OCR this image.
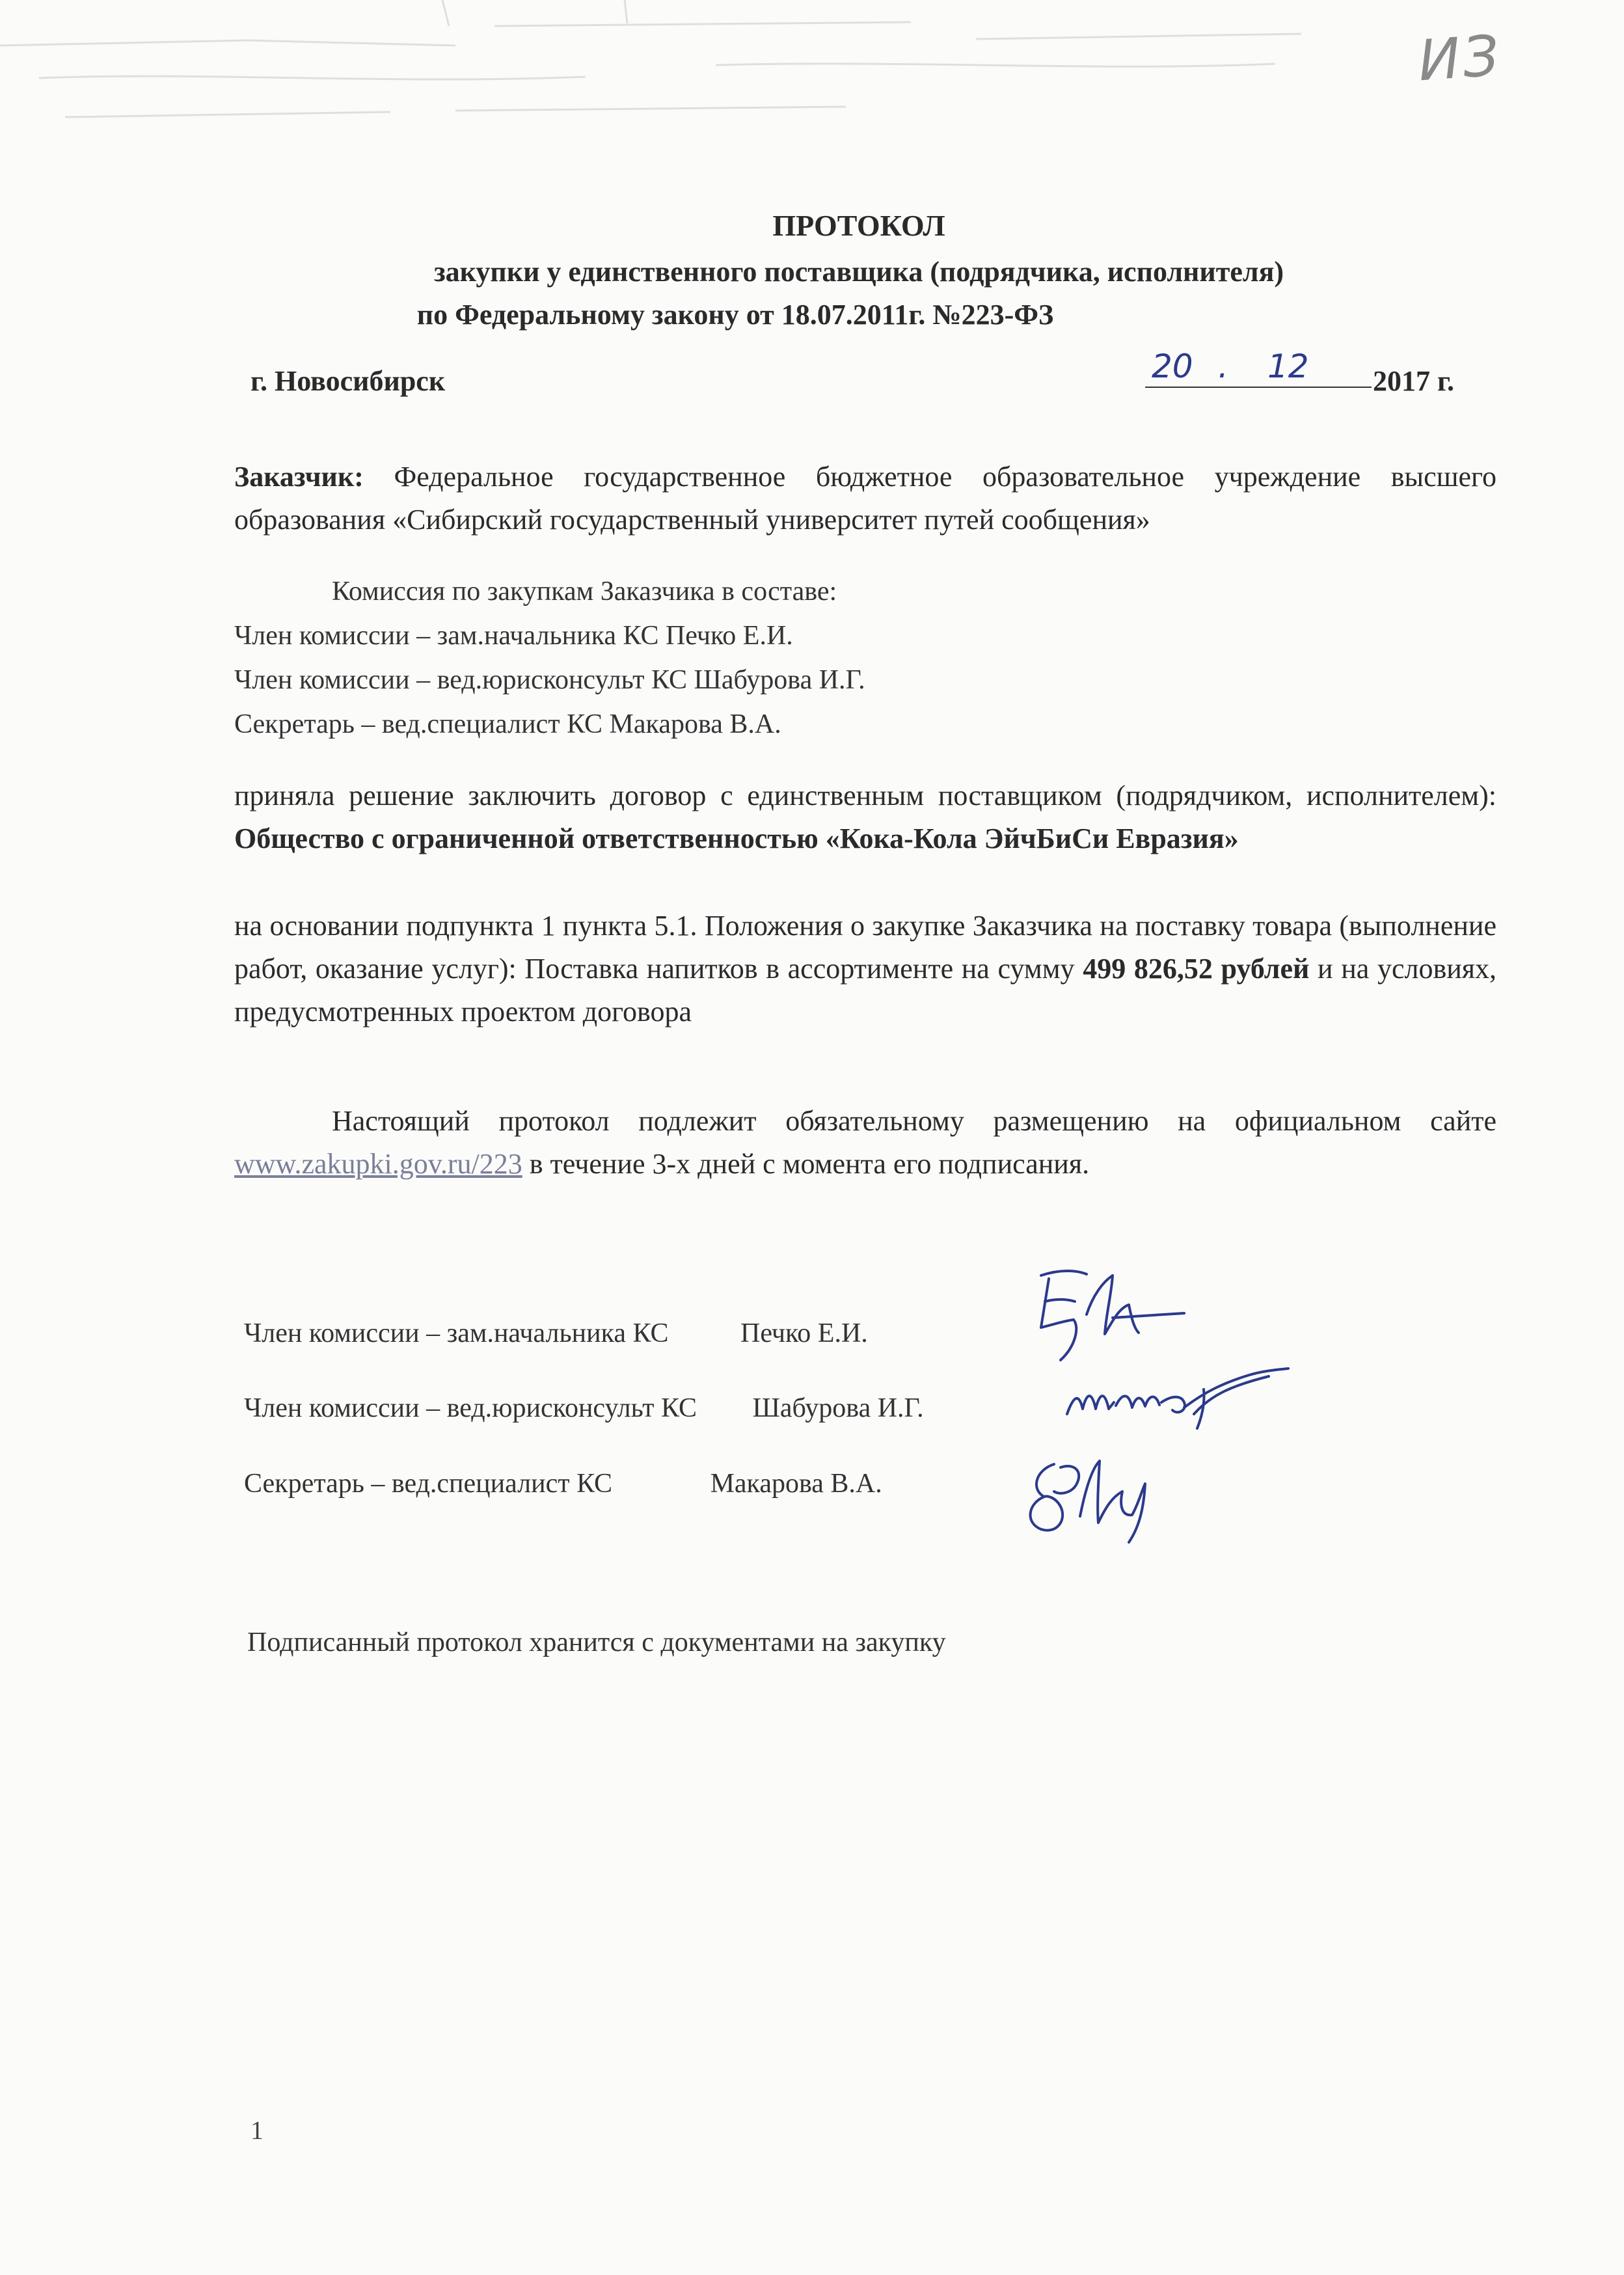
ИЗ
ПРОТОКОЛ
закупки у единственного поставщика (подрядчика, исполнителя)
по Федеральному закону от 18.07.2011г. №223-ФЗ
г. Новосибирск	20 . 12 2017 г.
Заказчик: Федеральное государственное бюджетное образовательное учреждение высшего образования «Сибирский государственный университет путей сообщения»
Комиссия по закупкам Заказчика в составе:
Член комиссии – зам.начальника КС Печко Е.И.
Член комиссии – вед.юрисконсульт КС Шабурова И.Г.
Секретарь – вед.специалист КС Макарова В.А.
приняла решение заключить договор с единственным поставщиком (подрядчиком, исполнителем): Общество с ограниченной ответственностью «Кока-Кола ЭйчБиСи Евразия»
на основании подпункта 1 пункта 5.1. Положения о закупке Заказчика на поставку товара (выполнение работ, оказание услуг): Поставка напитков в ассортименте на сумму 499 826,52 рублей и на условиях, предусмотренных проектом договора
Настоящий протокол подлежит обязательному размещению на официальном сайте www.zakupki.gov.ru/223 в течение 3-х дней с момента его подписания.
Член комиссии – зам.начальника КС	Печко Е.И.
Член комиссии – вед.юрисконсульт КС Шабурова И.Г.
Секретарь – вед.специалист КС	Макарова В.А.
Подписанный протокол хранится с документами на закупку
1
